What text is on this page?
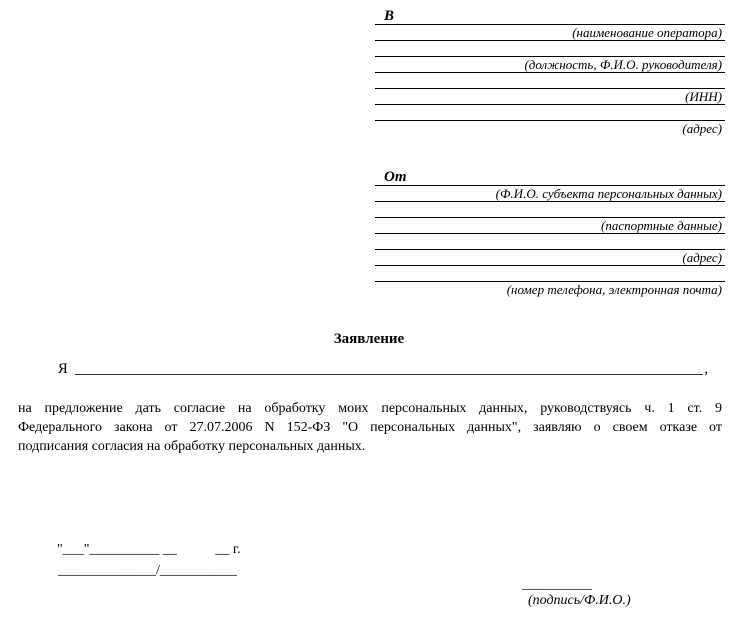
В
(наименование оператора)
(должность, Ф.И.О. руководителя)
(ИНН)
(адрес)
От
(Ф.И.О. субъекта персональных данных)
(паспортные данные)
(адрес)
(номер телефона, электронная почта)
Заявление
Я	,
на предложение дать согласие на обработку моих персональных данных, руководствуясь ч. 1 ст. 9
Федерального закона от 27.07.2006 N 152-ФЗ "О персональных данных", заявляю о своем отказе от
подписания согласия на обработку персональных данных.
"___"__________ __           __ г.
______________/___________

__________
(подпись/Ф.И.О.)
